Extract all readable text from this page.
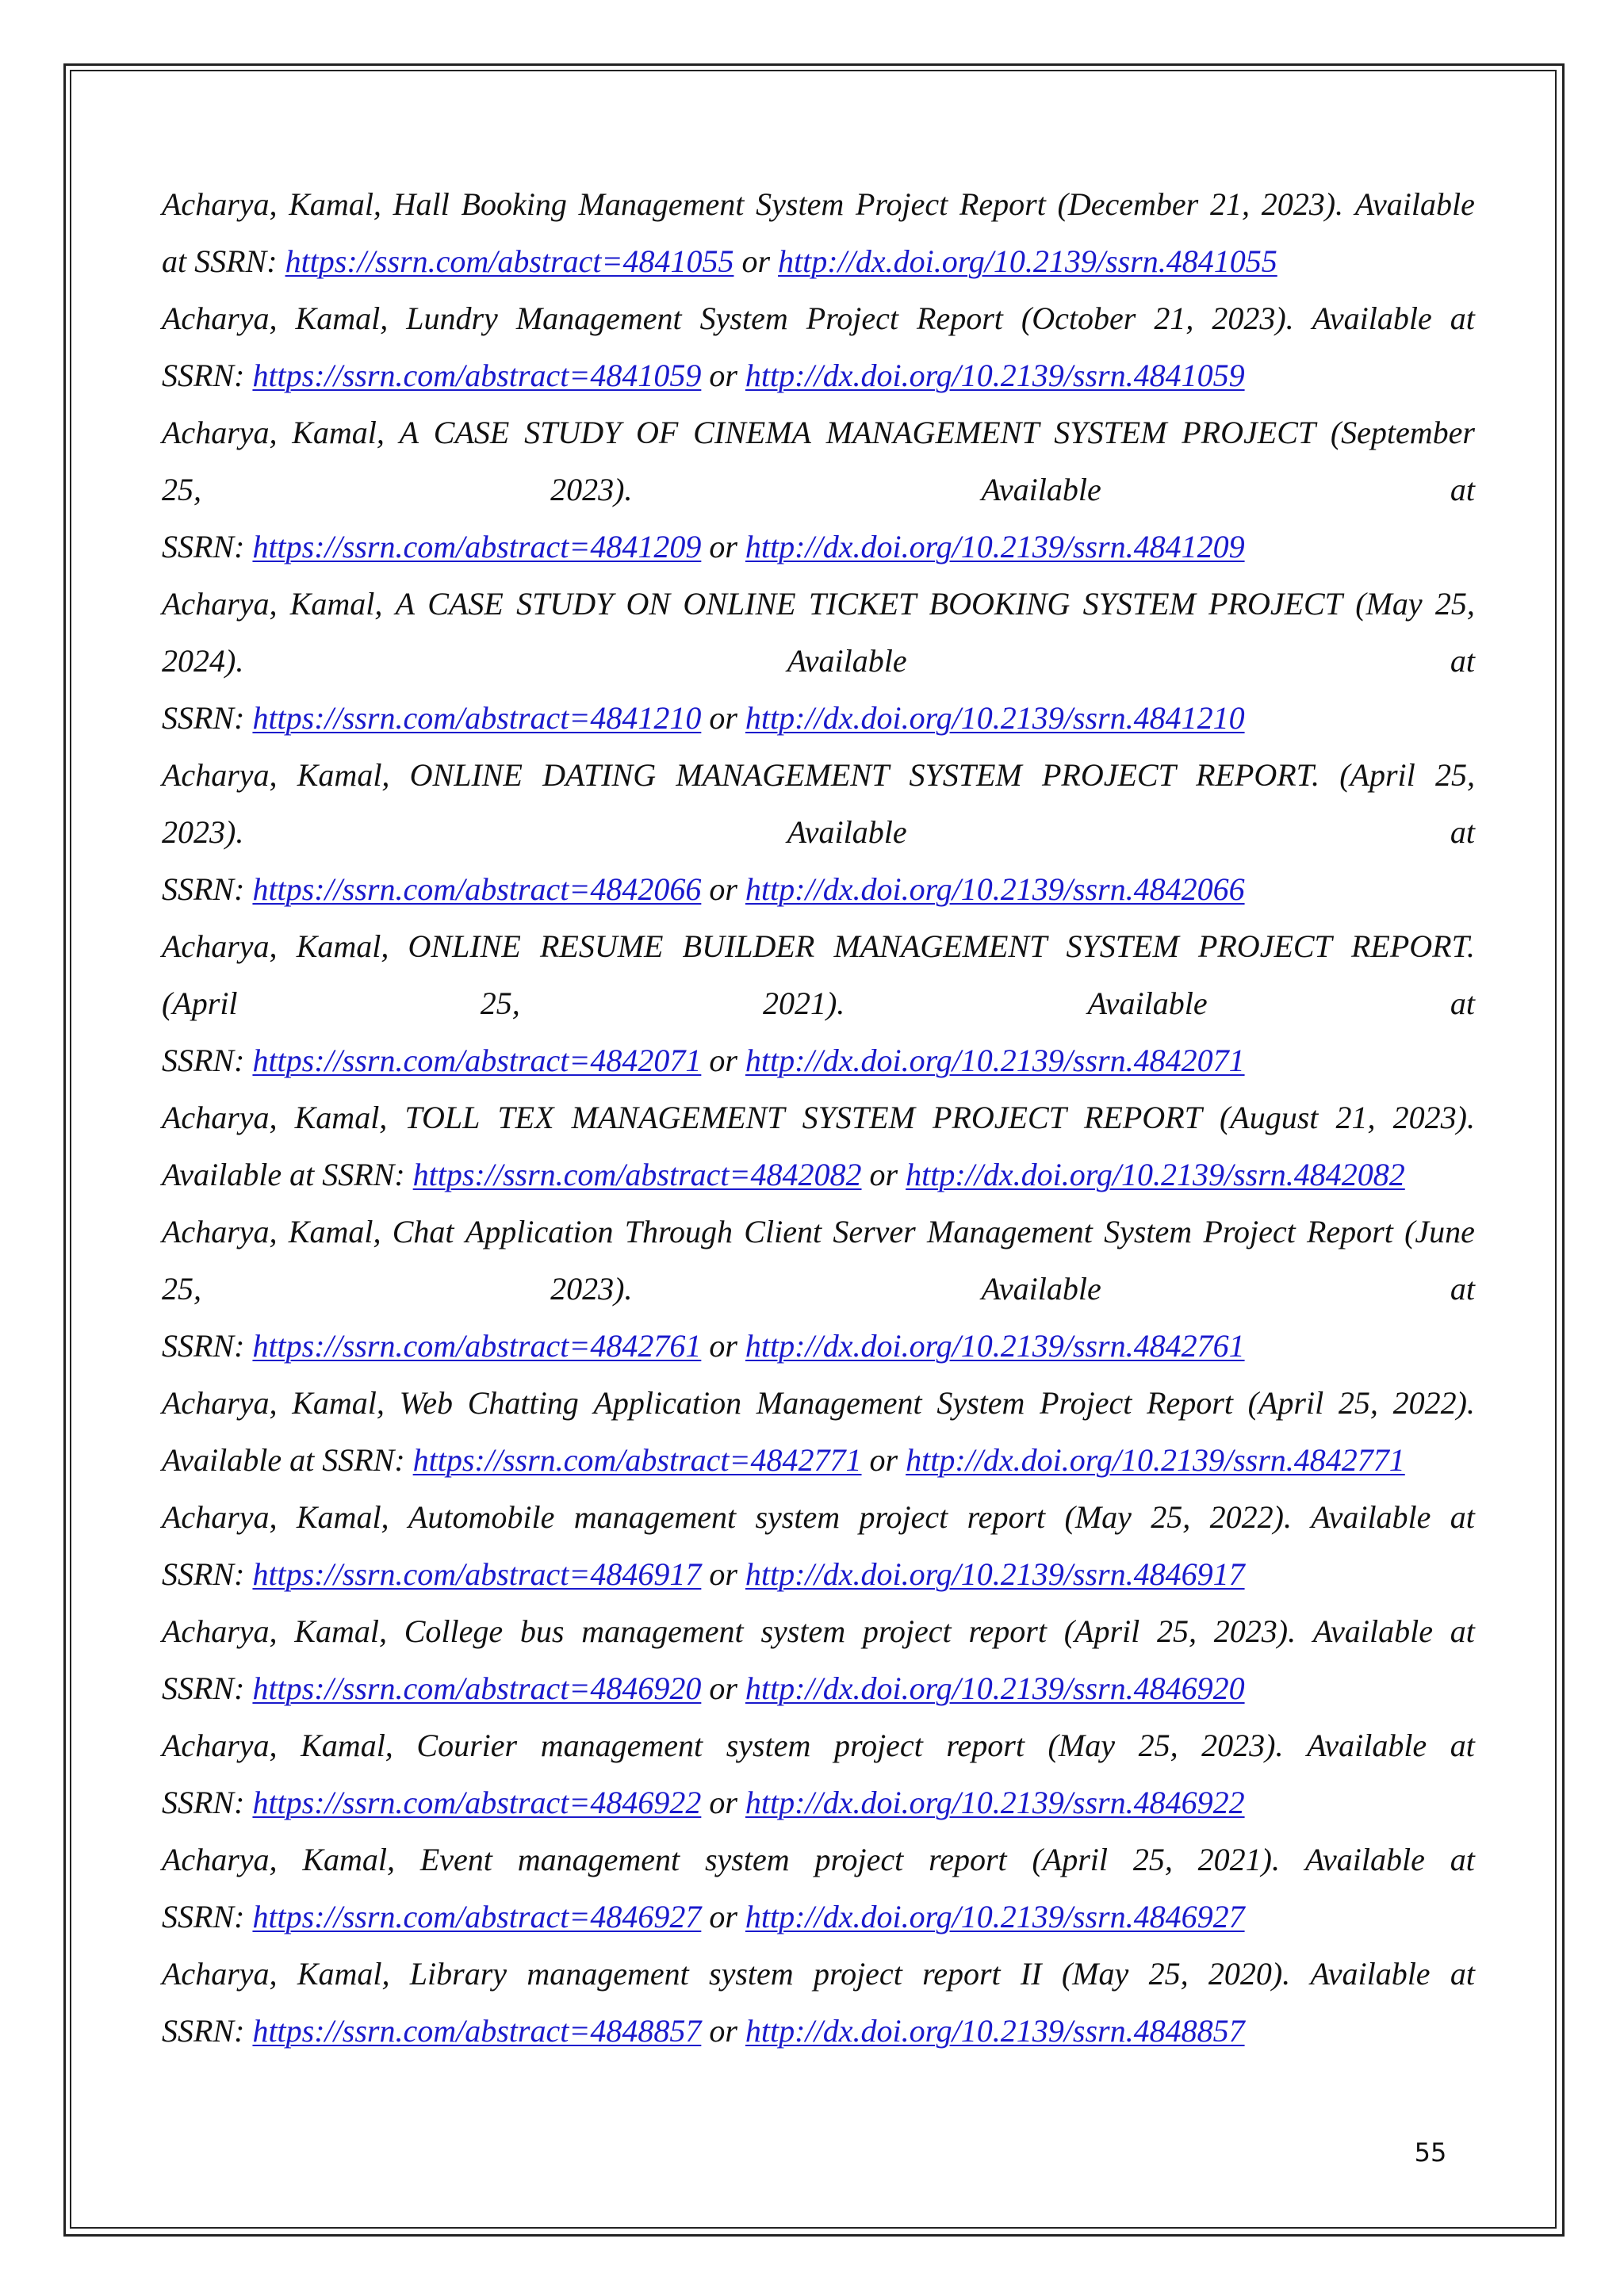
Acharya, Kamal, Hall Booking Management System Project Report (December 21, 2023). Available
at SSRN: https://ssrn.com/abstract=4841055 or http://dx.doi.org/10.2139/ssrn.4841055
Acharya, Kamal, Lundry Management System Project Report (October 21, 2023). Available at
SSRN: https://ssrn.com/abstract=4841059 or http://dx.doi.org/10.2139/ssrn.4841059
Acharya, Kamal, A CASE STUDY OF CINEMA MANAGEMENT SYSTEM PROJECT (September
25,	2023).	Available	at
SSRN: https://ssrn.com/abstract=4841209 or http://dx.doi.org/10.2139/ssrn.4841209
Acharya, Kamal, A CASE STUDY ON ONLINE TICKET BOOKING SYSTEM PROJECT (May 25,
2024).	Available	at
SSRN: https://ssrn.com/abstract=4841210 or http://dx.doi.org/10.2139/ssrn.4841210
Acharya, Kamal, ONLINE DATING MANAGEMENT SYSTEM PROJECT REPORT. (April 25,
2023).	Available	at
SSRN: https://ssrn.com/abstract=4842066 or http://dx.doi.org/10.2139/ssrn.4842066
Acharya, Kamal, ONLINE RESUME BUILDER MANAGEMENT SYSTEM PROJECT REPORT.
(April	25,	2021).	Available	at
SSRN: https://ssrn.com/abstract=4842071 or http://dx.doi.org/10.2139/ssrn.4842071
Acharya, Kamal, TOLL TEX MANAGEMENT SYSTEM PROJECT REPORT (August 21, 2023).
Available at SSRN: https://ssrn.com/abstract=4842082 or http://dx.doi.org/10.2139/ssrn.4842082
Acharya, Kamal, Chat Application Through Client Server Management System Project Report (June
25,	2023).	Available	at
SSRN: https://ssrn.com/abstract=4842761 or http://dx.doi.org/10.2139/ssrn.4842761
Acharya, Kamal, Web Chatting Application Management System Project Report (April 25, 2022).
Available at SSRN: https://ssrn.com/abstract=4842771 or http://dx.doi.org/10.2139/ssrn.4842771
Acharya, Kamal, Automobile management system project report (May 25, 2022). Available at
SSRN: https://ssrn.com/abstract=4846917 or http://dx.doi.org/10.2139/ssrn.4846917
Acharya, Kamal, College bus management system project report (April 25, 2023). Available at
SSRN: https://ssrn.com/abstract=4846920 or http://dx.doi.org/10.2139/ssrn.4846920
Acharya, Kamal, Courier management system project report (May 25, 2023). Available at
SSRN: https://ssrn.com/abstract=4846922 or http://dx.doi.org/10.2139/ssrn.4846922
Acharya, Kamal, Event management system project report (April 25, 2021). Available at
SSRN: https://ssrn.com/abstract=4846927 or http://dx.doi.org/10.2139/ssrn.4846927
Acharya, Kamal, Library management system project report II (May 25, 2020). Available at
SSRN: https://ssrn.com/abstract=4848857 or http://dx.doi.org/10.2139/ssrn.4848857
55
